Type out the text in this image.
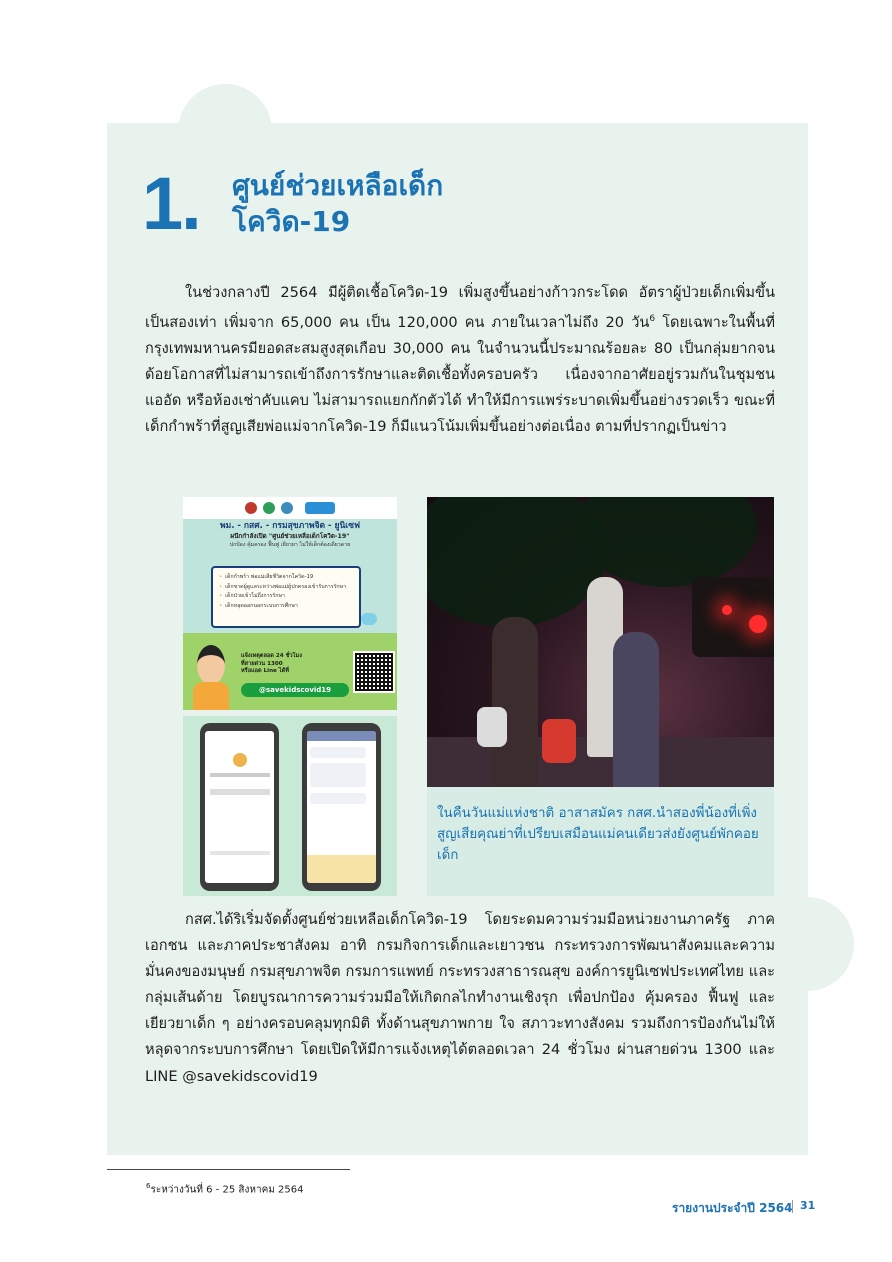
1. ศูนย์ช่วยเหลือเด็ก
โควิด-19

ในช่วงกลางปี 2564 มีผู้ติดเชื้อโควิด-19 เพิ่มสูงขึ้นอย่างก้าวกระโดด อัตราผู้ป่วยเด็กเพิ่มขึ้นเป็นสองเท่า เพิ่มจาก 65,000 คน เป็น 120,000 คน ภายในเวลาไม่ถึง 20 วัน$^6$ โดยเฉพาะในพื้นที่กรุงเทพมหานครมียอดสะสมสูงสุดเกือบ 30,000 คน ในจำนวนนี้ประมาณร้อยละ 80 เป็นกลุ่มยากจนด้อยโอกาสที่ไม่สามารถเข้าถึงการรักษาและติดเชื้อทั้งครอบครัว เนื่องจากอาศัยอยู่รวมกันในชุมชนแออัด หรือห้องเช่าคับแคบ ไม่สามารถแยกกักตัวได้ ทำให้มีการแพร่ระบาดเพิ่มขึ้นอย่างรวดเร็ว ขณะที่เด็กกำพร้าที่สูญเสียพ่อแม่จากโควิด-19 ก็มีแนวโน้มเพิ่มขึ้นอย่างต่อเนื่อง ตามที่ปรากฏเป็นข่าว

พม. - กสศ. - กรมสุขภาพจิต - ยูนิเซฟ
ผนึกกำลังเปิด "ศูนย์ช่วยเหลือเด็กโควิด-19"
ปกป้อง คุ้มครอง ฟื้นฟู เยียวยา ไม่ให้เด็กต้องเดียวดาย
• เด็กกำพร้า พ่อแม่เสียชีวิตจากโควิด-19
• เด็กขาดผู้ดูแลระหว่างพ่อแม่ผู้ปกครองเข้ารับการรักษา
• เด็กป่วยเข้าไม่ถึงการรักษา
• เด็กหลุดออกนอกระบบการศึกษา
แจ้งเหตุตลอด 24 ชั่วโมง
ที่สายด่วน 1300
หรือแอด Line ได้ที่
@savekidscovid19

ในคืนวันแม่แห่งชาติ อาสาสมัคร กสศ.นำสองพี่น้องที่เพิ่งสูญเสียคุณย่าที่เปรียบเสมือนแม่คนเดียวส่งยังศูนย์พักคอยเด็ก

กสศ.ได้ริเริ่มจัดตั้งศูนย์ช่วยเหลือเด็กโควิด-19 โดยระดมความร่วมมือหน่วยงานภาครัฐ ภาคเอกชน และภาคประชาสังคม อาทิ กรมกิจการเด็กและเยาวชน กระทรวงการพัฒนาสังคมและความมั่นคงของมนุษย์ กรมสุขภาพจิต กรมการแพทย์ กระทรวงสาธารณสุข องค์การยูนิเซฟประเทศไทย และกลุ่มเส้นด้าย โดยบูรณาการความร่วมมือให้เกิดกลไกทำงานเชิงรุก เพื่อปกป้อง คุ้มครอง ฟื้นฟู และเยียวยาเด็ก ๆ อย่างครอบคลุมทุกมิติ ทั้งด้านสุขภาพกาย ใจ สภาวะทางสังคม รวมถึงการป้องกันไม่ให้หลุดจากระบบการศึกษา โดยเปิดให้มีการแจ้งเหตุได้ตลอดเวลา 24 ชั่วโมง ผ่านสายด่วน 1300 และ LINE @savekidscovid19

$^6$ระหว่างวันที่ 6 - 25 สิงหาคม 2564
รายงานประจำปี 2564 31
